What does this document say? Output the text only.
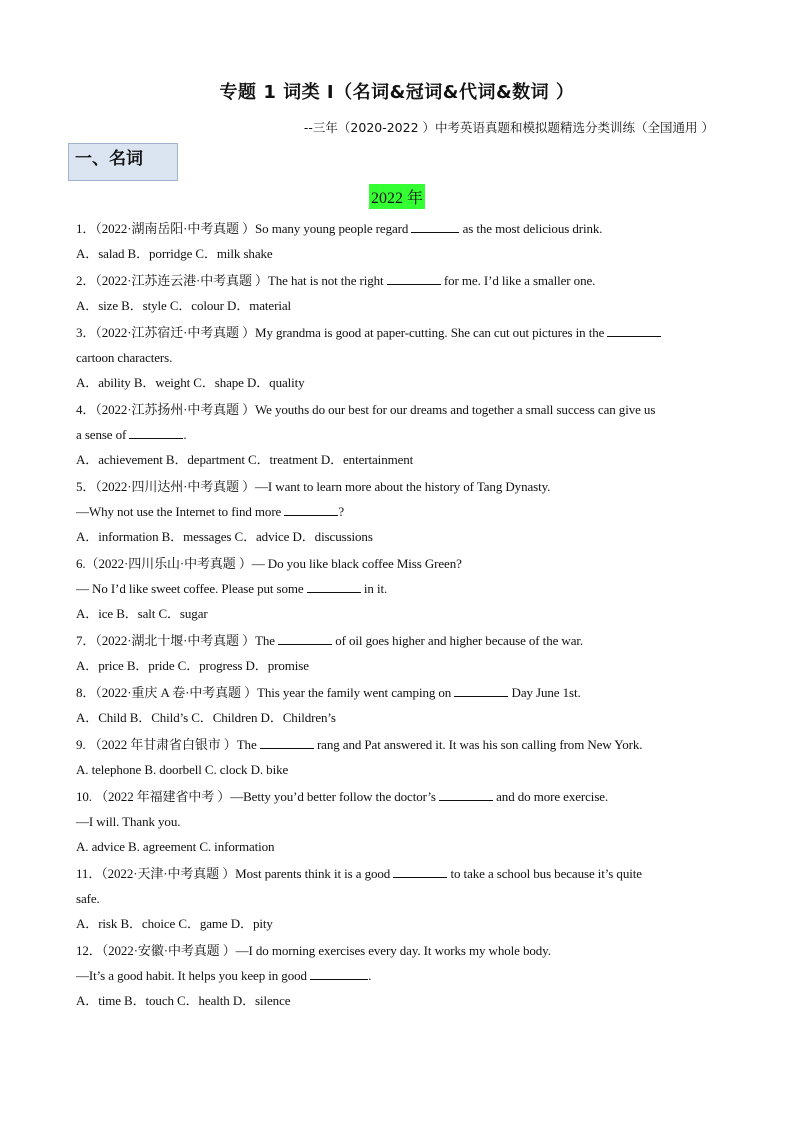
专题 1 词类 I（名词&冠词&代词&数词 ）
--三年（2020-2022 ）中考英语真题和模拟题精选分类训练（全国通用 ）
一、名词
2022 年

1．（2022·湖南岳阳·中考真题 ）So many young people regard	as the most delicious drink.

A．salad B．porridge C．milk shake

2．（2022·江苏连云港·中考真题 ）The hat is not the right	for me. I’d like a smaller one.

A．size B．style C．colour D．material

3．（2022·江苏宿迁·中考真题 ）My grandma is good at paper-cutting. She can cut out pictures in the

cartoon characters.

A．ability B．weight C．shape D．quality

4．（2022·江苏扬州·中考真题 ）We youths do our best for our dreams and together a small success can give us

a sense of	.

A．achievement B．department C．treatment D．entertainment

5．（2022·四川达州·中考真题 ）—I want to learn more about the history of Tang Dynasty.

—Why not use the Internet to find more	?

A．information B．messages C．advice D．discussions

6.（2022·四川乐山·中考真题 ）— Do you like black coffee Miss Green?

— No I’d like sweet coffee. Please put some	in it.

A．ice B．salt C．sugar

7．（2022·湖北十堰·中考真题 ）The	of oil goes higher and higher because of the war.

A．price B．pride C．progress D．promise

8．（2022·重庆 A 卷·中考真题 ）This year the family went camping on	Day June 1st.

A．Child B．Child’s C．Children D．Children’s

9. （2022 年甘肃省白银市 ）The	rang and Pat answered it. It was his son calling from New York.

A. telephone B. doorbell C. clock D. bike

10. （2022 年福建省中考 ）—Betty you’d better follow the doctor’s	and do more exercise.

—I will. Thank you.

A. advice B. agreement C. information

11．（2022·天津·中考真题 ）Most parents think it is a good	to take a school bus because it’s quite

safe.

A．risk B．choice C．game D．pity

12．（2022·安徽·中考真题 ）—I do morning exercises every day. It works my whole body.

—It’s a good habit. It helps you keep in good	.

A．time B．touch C．health D．silence
